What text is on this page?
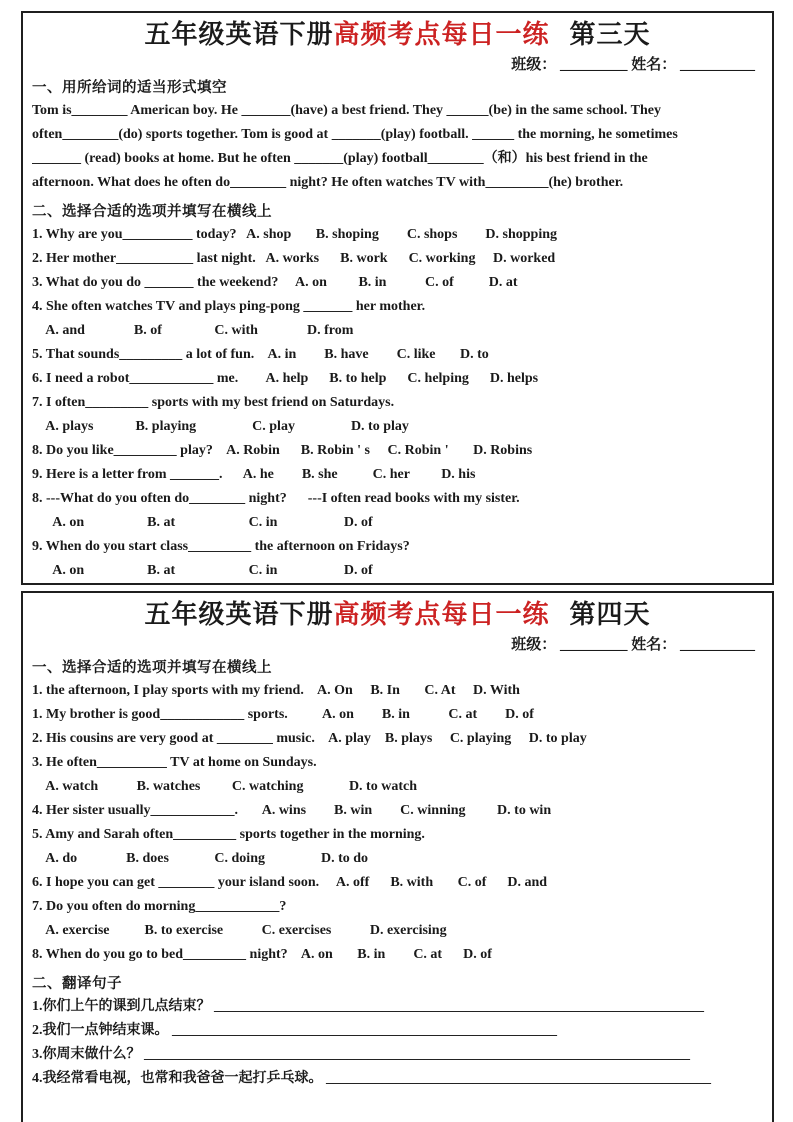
五年级英语下册高频考点每日一练 第三天
班级： _________ 姓名： __________
一、用所给词的适当形式填空
Tom is________ American boy. He _______(have) a best friend. They ______(be) in the same school. They
often________(do) sports together. Tom is good at _______(play) football. ______ the morning, he sometimes
_______ (read) books at home. But he often _______(play) football________（和）his best friend in the
afternoon. What does he often do________ night? He often watches TV with_________(he) brother.
二、选择合适的选项并填写在横线上
1. Why are you__________ today?   A. shop       B. shoping        C. shops        D. shopping
2. Her mother___________ last night.   A. works      B. work      C. working     D. worked
3. What do you do _______ the weekend?     A. on         B. in           C. of          D. at
4. She often watches TV and plays ping-pong _______ her mother.
A. and              B. of               C. with              D. from
5. That sounds_________ a lot of fun.    A. in        B. have        C. like       D. to
6. I need a robot____________ me.        A. help      B. to help      C. helping      D. helps
7. I often_________ sports with my best friend on Saturdays.
A. plays            B. playing                C. play                D. to play
8. Do you like_________ play?    A. Robin      B. Robin ' s     C. Robin '       D. Robins
9. Here is a letter from _______.      A. he        B. she          C. her         D. his
8. ---What do you often do________ night?      ---I often read books with my sister.
A. on                  B. at                     C. in                   D. of
9. When do you start class_________ the afternoon on Fridays?
A. on                  B. at                     C. in                   D. of
五年级英语下册高频考点每日一练 第四天
班级： _________ 姓名： __________
一、选择合适的选项并填写在横线上
1. the afternoon, I play sports with my friend.    A. On     B. In       C. At     D. With
1. My brother is good____________ sports.          A. on        B. in           C. at        D. of
2. His cousins are very good at ________ music.    A. play    B. plays     C. playing     D. to play
3. He often__________ TV at home on Sundays.
A. watch           B. watches         C. watching             D. to watch
4. Her sister usually____________.       A. wins        B. win        C. winning         D. to win
5. Amy and Sarah often_________ sports together in the morning.
A. do              B. does             C. doing                D. to do
6. I hope you can get ________ your island soon.     A. off      B. with       C. of      D. and
7. Do you often do morning____________?
A. exercise          B. to exercise           C. exercises           D. exercising
8. When do you go to bed_________ night?    A. on       B. in        C. at      D. of
二、翻译句子
1.你们上午的课到几点结束？ ______________________________________________________________________
2.我们一点钟结束课。 _______________________________________________________
3.你周末做什么？ ______________________________________________________________________________
4.我经常看电视，也常和我爸爸一起打乒乓球。 _______________________________________________________
